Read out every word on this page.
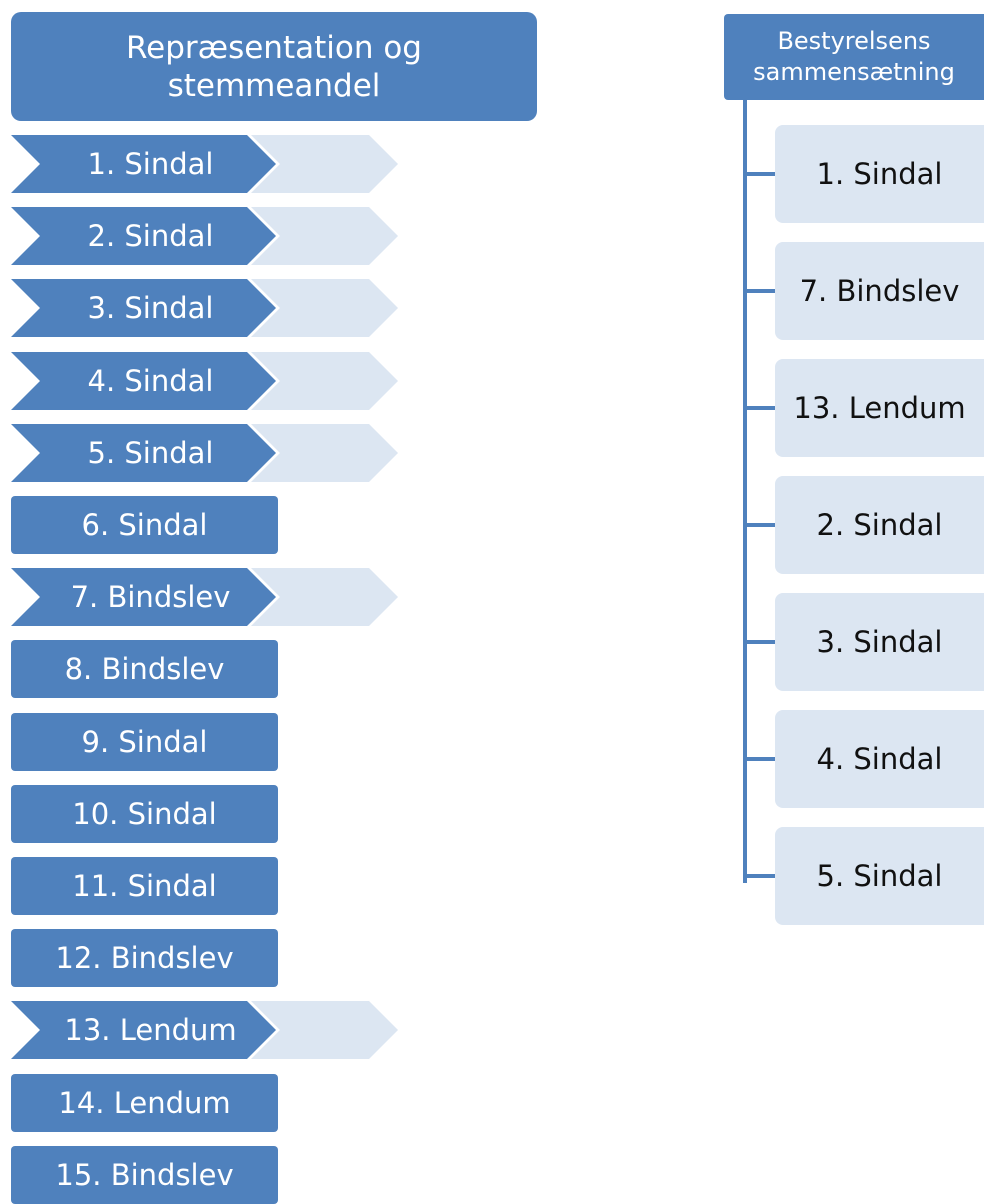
Repræsentation og stemmeandel
1. Sindal
2. Sindal
3. Sindal
4. Sindal
5. Sindal
6. Sindal
7. Bindslev
8. Bindslev
9. Sindal
10. Sindal
11. Sindal
12. Bindslev
13. Lendum
14. Lendum
15. Bindslev
Bestyrelsens
sammensætning
1. Sindal
7. Bindslev
13. Lendum
2. Sindal
3. Sindal
4. Sindal
5. Sindal
